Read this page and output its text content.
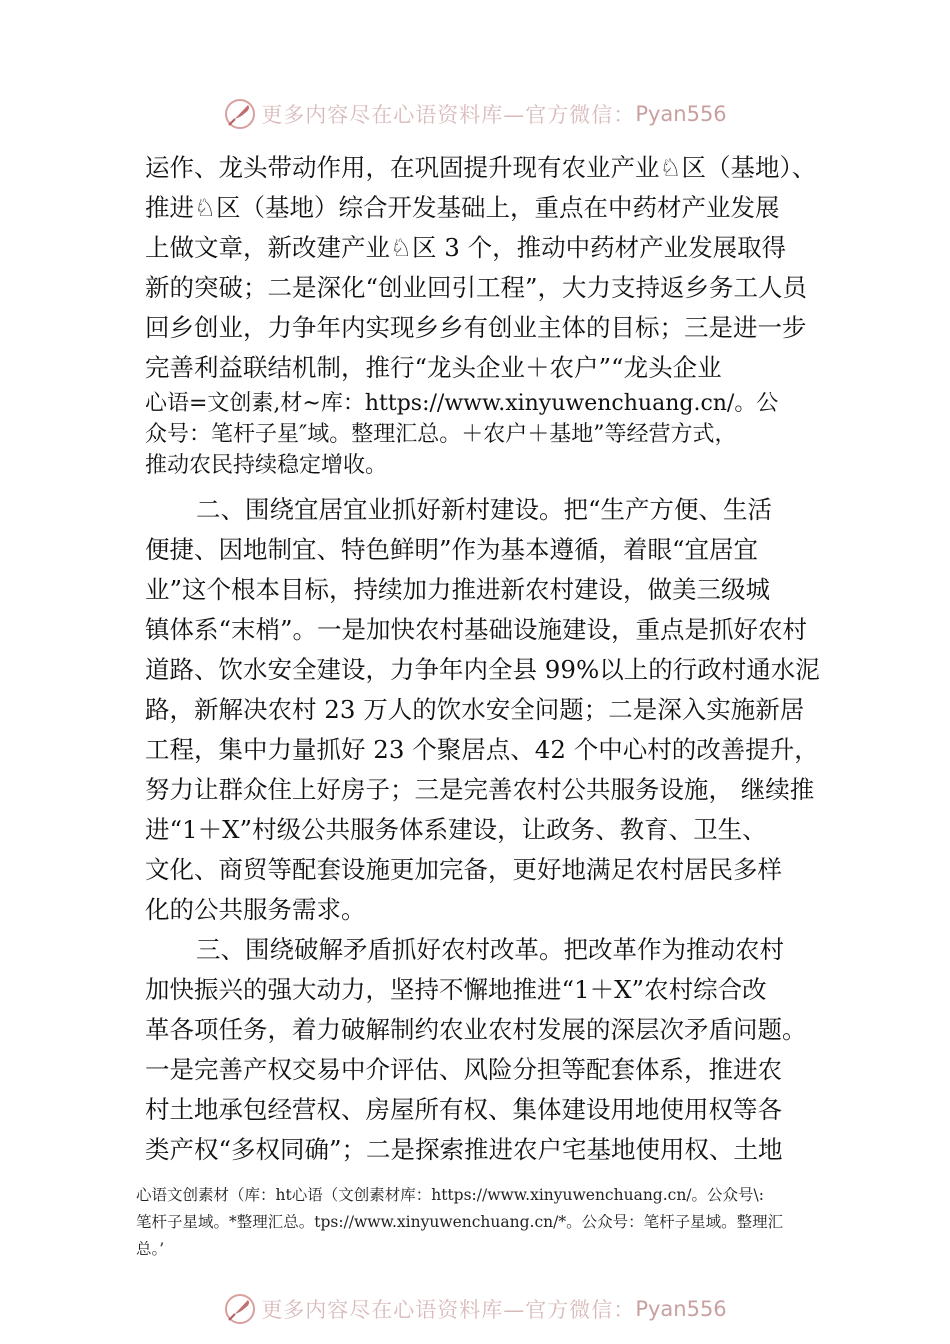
更多内容尽在心语资料库—官方微信： Pyan556

运作、龙头带动作用，在巩固提升现有农业产业♘区（基地）、

推进♘区（基地）综合开发基础上，重点在中药材产业发展

上做文章，新改建产业♘区 3 个，推动中药材产业发展取得

新的突破；二是深化“创业回引工程”，大力支持返乡务工人员

回乡创业，力争年内实现乡乡有创业主体的目标；三是进一步

完善利益联结机制，推行“龙头企业＋农户”“龙头企业

心语=文创素,材~库：https://www.xinyuwenchuang.cn/。公

众号：笔杆子星″域。整理汇总。＋农户＋基地”等经营方式，

推动农民持续稳定增收。

二、围绕宜居宜业抓好新村建设。把“生产方便、生活

便捷、因地制宜、特色鲜明”作为基本遵循，着眼“宜居宜

业”这个根本目标，持续加力推进新农村建设，做美三级城

镇体系“末梢”。一是加快农村基础设施建设，重点是抓好农村

道路、饮水安全建设，力争年内全县 99%以上的行政村通水泥

路，新解决农村 23 万人的饮水安全问题；二是深入实施新居

工程，集中力量抓好 23 个聚居点、42 个中心村的改善提升，

努力让群众住上好房子；三是完善农村公共服务设施， 继续推

进“1＋X”村级公共服务体系建设，让政务、教育、卫生、

文化、商贸等配套设施更加完备，更好地满足农村居民多样

化的公共服务需求。

三、围绕破解矛盾抓好农村改革。把改革作为推动农村

加快振兴的强大动力，坚持不懈地推进“1＋X”农村综合改

革各项任务，着力破解制约农业农村发展的深层次矛盾问题。

一是完善产权交易中介评估、风险分担等配套体系，推进农

村土地承包经营权、房屋所有权、集体建设用地使用权等各

类产权“多权同确”；二是探索推进农户宅基地使用权、土地

心语文创素材（库：ht心语（文创素材库：https://www.xinyuwenchuang.cn/。公众号\:

笔杆子星域。*整理汇总。tps://www.xinyuwenchuang.cn/*。公众号：笔杆子星域。整理汇

总。’

更多内容尽在心语资料库—官方微信： Pyan556
